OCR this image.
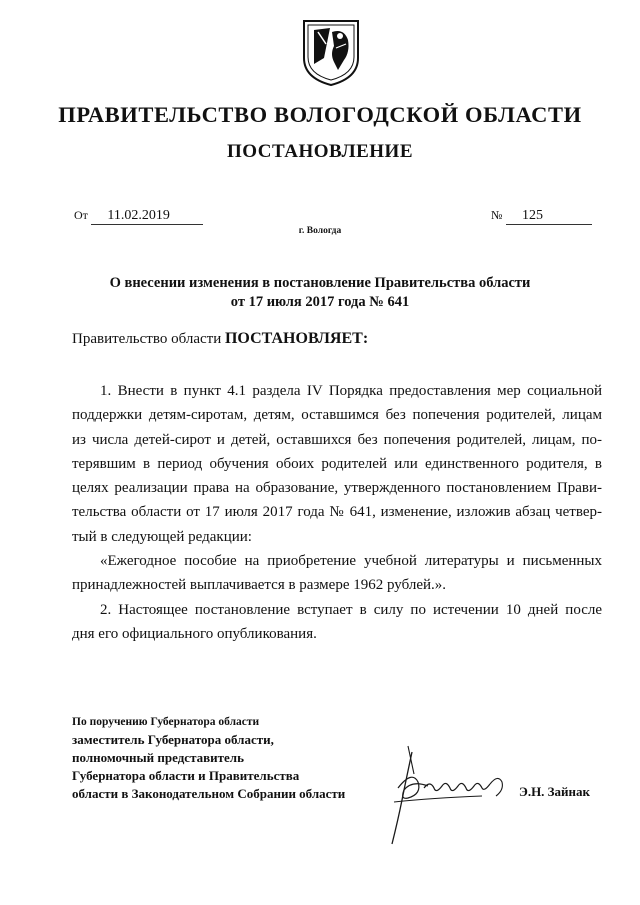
ПРАВИТЕЛЬСТВО ВОЛОГОДСКОЙ ОБЛАСТИ
ПОСТАНОВЛЕНИЕ
От 11.02.2019	№ 125
г. Вологда
О внесении изменения в постановление Правительства области
от 17 июля 2017 года № 641
Правительство области ПОСТАНОВЛЯЕТ:

1. Внести в пункт 4.1 раздела IV Порядка предоставления мер социальной

поддержки детям-сиротам, детям, оставшимся без попечения родителей, лицам

из числа детей-сирот и детей, оставшихся без попечения родителей, лицам, по-

терявшим в период обучения обоих родителей или единственного родителя, в

целях реализации права на образование, утвержденного постановлением Прави-

тельства области от 17 июля 2017 года № 641, изменение, изложив абзац четвер-

тый в следующей редакции:

«Ежегодное пособие на приобретение учебной литературы и письменных

принадлежностей выплачивается в размере 1962 рублей.».

2. Настоящее постановление вступает в силу по истечении 10 дней после

дня его официального опубликования.

По поручению Губернатора области
заместитель Губернатора области,
полномочный представитель
Губернатора области и Правительства
области в Законодательном Собрании области	Э.Н. Зайнак
